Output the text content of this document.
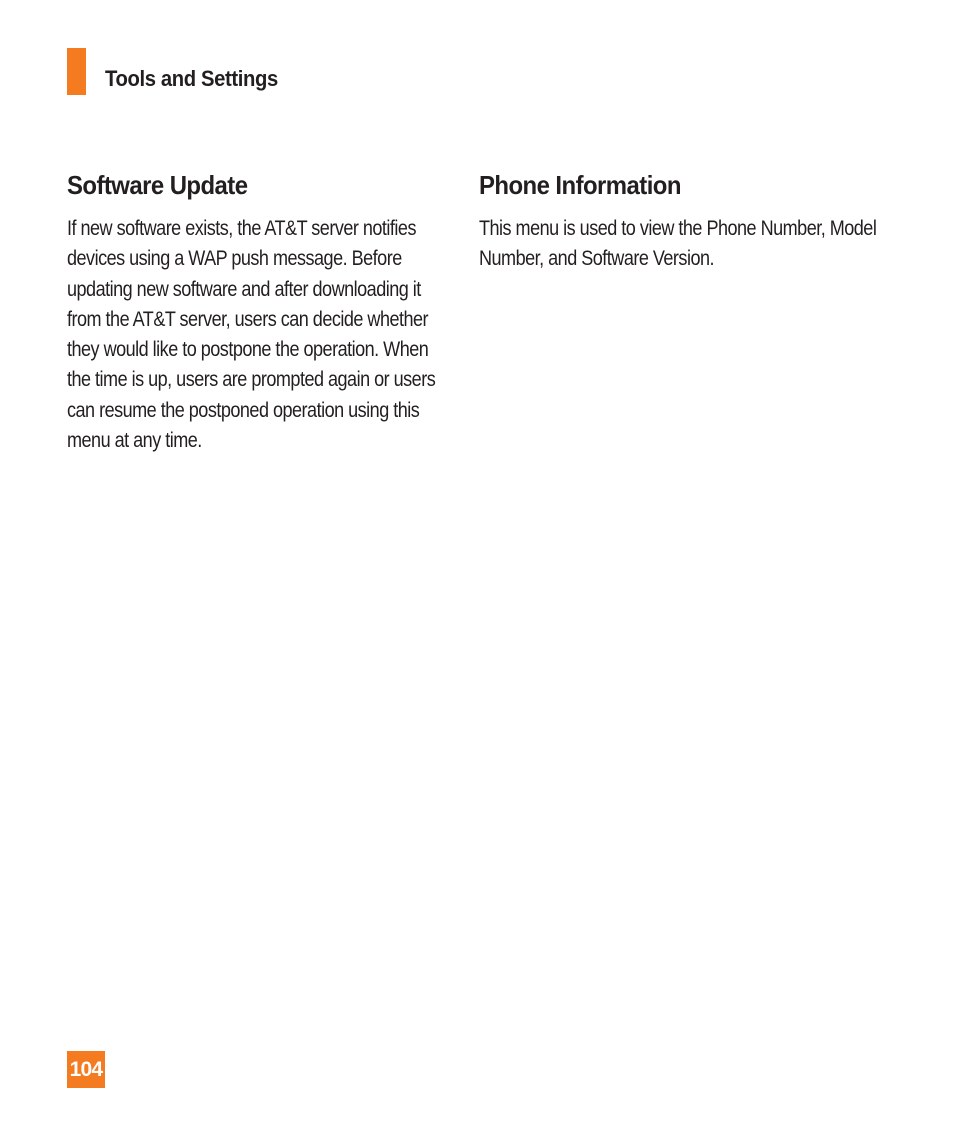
Tools and Settings
Software Update

If new software exists, the AT&T server notifies devices using a WAP push message. Before updating new software and after downloading it from the AT&T server, users can decide whether they would like to postpone the operation. When the time is up, users are prompted again or users can resume the postponed operation using this menu at any time.

Phone Information

This menu is used to view the Phone Number, Model Number, and Software Version.

104
